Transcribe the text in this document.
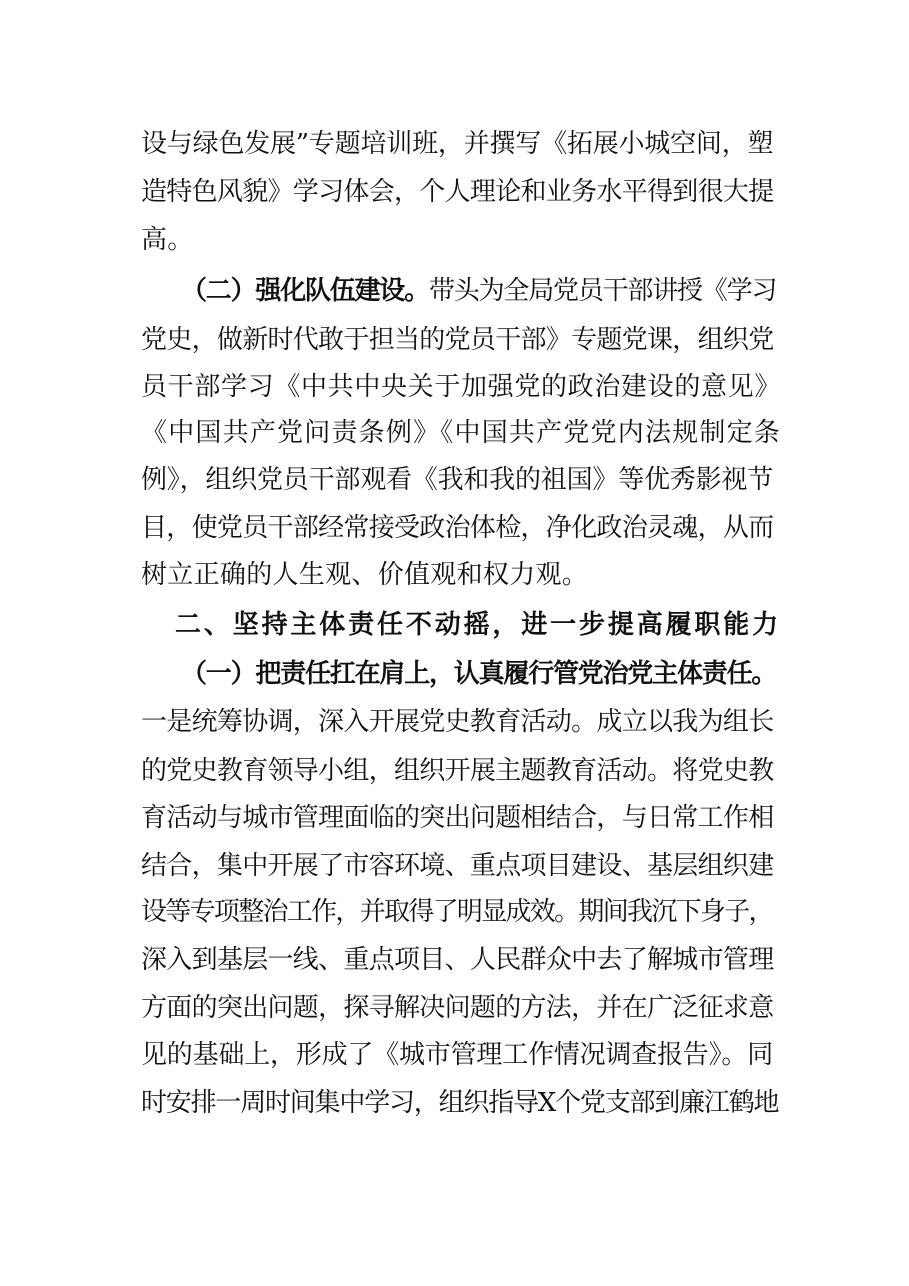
设与绿色发展”专题培训班，并撰写《拓展小城空间，塑
造特色风貌》学习体会，个人理论和业务水平得到很大提
高。
（二）强化队伍建设。带头为全局党员干部讲授《学习
党史，做新时代敢于担当的党员干部》专题党课，组织党
员干部学习《中共中央关于加强党的政治建设的意见》
《中国共产党问责条例》《中国共产党党内法规制定条
例》，组织党员干部观看《我和我的祖国》等优秀影视节
目，使党员干部经常接受政治体检，净化政治灵魂，从而
树立正确的人生观、价值观和权力观。
二、坚持主体责任不动摇，进一步提高履职能力
（一）把责任扛在肩上，认真履行管党治党主体责任。
一是统筹协调，深入开展党史教育活动。成立以我为组长
的党史教育领导小组，组织开展主题教育活动。将党史教
育活动与城市管理面临的突出问题相结合，与日常工作相
结合，集中开展了市容环境、重点项目建设、基层组织建
设等专项整治工作，并取得了明显成效。期间我沉下身子，
深入到基层一线、重点项目、人民群众中去了解城市管理
方面的突出问题，探寻解决问题的方法，并在广泛征求意
见的基础上，形成了《城市管理工作情况调查报告》。同
时安排一周时间集中学习，组织指导X个党支部到廉江鹤地
